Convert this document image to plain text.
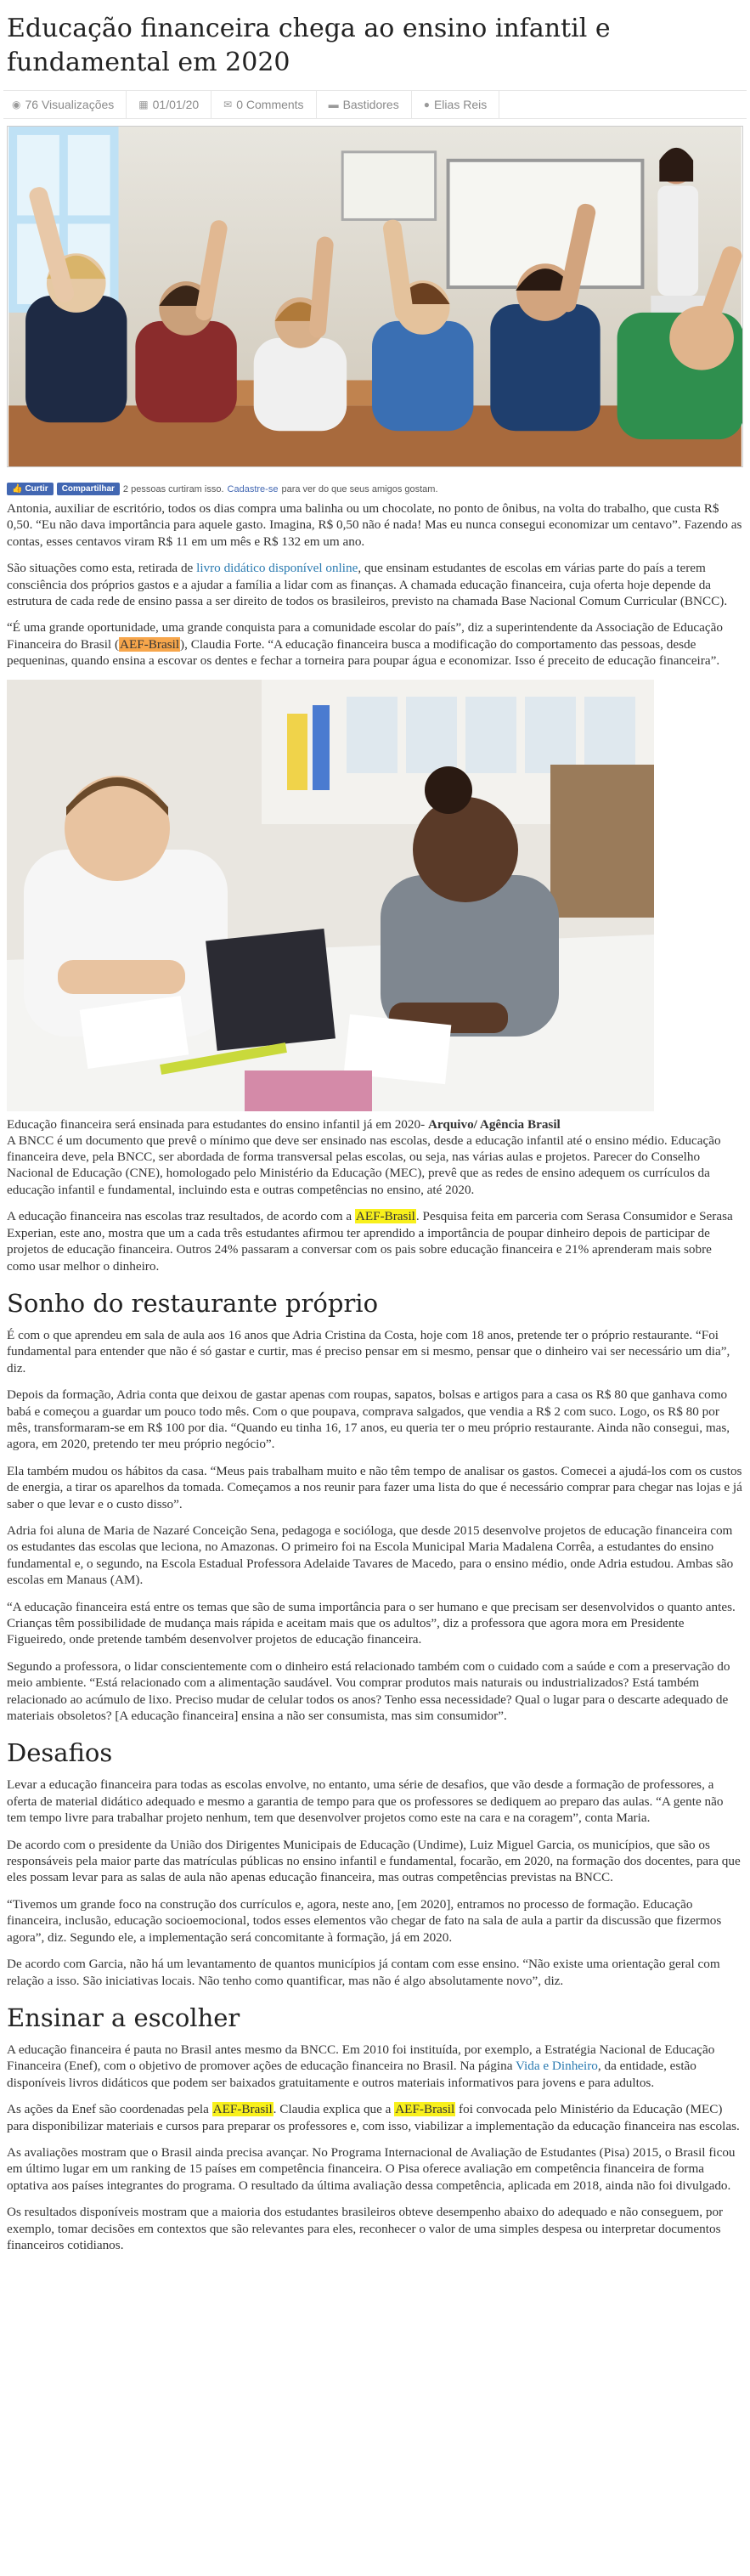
Educação financeira chega ao ensino infantil e fundamental em 2020
◉ 76 Visualizações ▦ 01/01/20 ✉ 0 Comments ▬ Bastidores ● Elias Reis
👍 Curtir Compartilhar 2 pessoas curtiram isso. Cadastre-se para ver do que seus amigos gostam.

Antonia, auxiliar de escritório, todos os dias compra uma balinha ou um chocolate, no ponto de ônibus, na volta do trabalho, que custa R$ 0,50. “Eu não dava importância para aquele gasto. Imagina, R$ 0,50 não é nada! Mas eu nunca consegui economizar um centavo”. Fazendo as contas, esses centavos viram R$ 11 em um mês e R$ 132 em um ano.

São situações como esta, retirada de livro didático disponível online, que ensinam estudantes de escolas em várias parte do país a terem consciência dos próprios gastos e a ajudar a família a lidar com as finanças. A chamada educação financeira, cuja oferta hoje depende da estrutura de cada rede de ensino passa a ser direito de todos os brasileiros, previsto na chamada Base Nacional Comum Curricular (BNCC).

“É uma grande oportunidade, uma grande conquista para a comunidade escolar do país”, diz a superintendente da Associação de Educação Financeira do Brasil (AEF-Brasil), Claudia Forte. “A educação financeira busca a modificação do comportamento das pessoas, desde pequeninas, quando ensina a escovar os dentes e fechar a torneira para poupar água e economizar. Isso é preceito de educação financeira”.

Educação financeira será ensinada para estudantes do ensino infantil já em 2020- Arquivo/ Agência Brasil

A BNCC é um documento que prevê o mínimo que deve ser ensinado nas escolas, desde a educação infantil até o ensino médio. Educação financeira deve, pela BNCC, ser abordada de forma transversal pelas escolas, ou seja, nas várias aulas e projetos. Parecer do Conselho Nacional de Educação (CNE), homologado pelo Ministério da Educação (MEC), prevê que as redes de ensino adequem os currículos da educação infantil e fundamental, incluindo esta e outras competências no ensino, até 2020.

A educação financeira nas escolas traz resultados, de acordo com a AEF-Brasil. Pesquisa feita em parceria com Serasa Consumidor e Serasa Experian, este ano, mostra que um a cada três estudantes afirmou ter aprendido a importância de poupar dinheiro depois de participar de projetos de educação financeira. Outros 24% passaram a conversar com os pais sobre educação financeira e 21% aprenderam mais sobre como usar melhor o dinheiro.

Sonho do restaurante próprio

É com o que aprendeu em sala de aula aos 16 anos que Adria Cristina da Costa, hoje com 18 anos, pretende ter o próprio restaurante. “Foi fundamental para entender que não é só gastar e curtir, mas é preciso pensar em si mesmo, pensar que o dinheiro vai ser necessário um dia”, diz.

Depois da formação, Adria conta que deixou de gastar apenas com roupas, sapatos, bolsas e artigos para a casa os R$ 80 que ganhava como babá e começou a guardar um pouco todo mês. Com o que poupava, comprava salgados, que vendia a R$ 2 com suco. Logo, os R$ 80 por mês, transformaram-se em R$ 100 por dia. “Quando eu tinha 16, 17 anos, eu queria ter o meu próprio restaurante. Ainda não consegui, mas, agora, em 2020, pretendo ter meu próprio negócio”.

Ela também mudou os hábitos da casa. “Meus pais trabalham muito e não têm tempo de analisar os gastos. Comecei a ajudá-los com os custos de energia, a tirar os aparelhos da tomada. Começamos a nos reunir para fazer uma lista do que é necessário comprar para chegar nas lojas e já saber o que levar e o custo disso”.

Adria foi aluna de Maria de Nazaré Conceição Sena, pedagoga e socióloga, que desde 2015 desenvolve projetos de educação financeira com os estudantes das escolas que leciona, no Amazonas. O primeiro foi na Escola Municipal Maria Madalena Corrêa, a estudantes do ensino fundamental e, o segundo, na Escola Estadual Professora Adelaide Tavares de Macedo, para o ensino médio, onde Adria estudou. Ambas são escolas em Manaus (AM).

“A educação financeira está entre os temas que são de suma importância para o ser humano e que precisam ser desenvolvidos o quanto antes. Crianças têm possibilidade de mudança mais rápida e aceitam mais que os adultos”, diz a professora que agora mora em Presidente Figueiredo, onde pretende também desenvolver projetos de educação financeira.

Segundo a professora, o lidar conscientemente com o dinheiro está relacionado também com o cuidado com a saúde e com a preservação do meio ambiente. “Está relacionado com a alimentação saudável. Vou comprar produtos mais naturais ou industrializados? Está também relacionado ao acúmulo de lixo. Preciso mudar de celular todos os anos? Tenho essa necessidade? Qual o lugar para o descarte adequado de materiais obsoletos? [A educação financeira] ensina a não ser consumista, mas sim consumidor”.

Desafios

Levar a educação financeira para todas as escolas envolve, no entanto, uma série de desafios, que vão desde a formação de professores, a oferta de material didático adequado e mesmo a garantia de tempo para que os professores se dediquem ao preparo das aulas. “A gente não tem tempo livre para trabalhar projeto nenhum, tem que desenvolver projetos como este na cara e na coragem”, conta Maria.

De acordo com o presidente da União dos Dirigentes Municipais de Educação (Undime), Luiz Miguel Garcia, os municípios, que são os responsáveis pela maior parte das matrículas públicas no ensino infantil e fundamental, focarão, em 2020, na formação dos docentes, para que eles possam levar para as salas de aula não apenas educação financeira, mas outras competências previstas na BNCC.

“Tivemos um grande foco na construção dos currículos e, agora, neste ano, [em 2020], entramos no processo de formação. Educação financeira, inclusão, educação socioemocional, todos esses elementos vão chegar de fato na sala de aula a partir da discussão que fizermos agora”, diz. Segundo ele, a implementação será concomitante à formação, já em 2020.

De acordo com Garcia, não há um levantamento de quantos municípios já contam com esse ensino. “Não existe uma orientação geral com relação a isso. São iniciativas locais. Não tenho como quantificar, mas não é algo absolutamente novo”, diz.

Ensinar a escolher

A educação financeira é pauta no Brasil antes mesmo da BNCC. Em 2010 foi instituída, por exemplo, a Estratégia Nacional de Educação Financeira (Enef), com o objetivo de promover ações de educação financeira no Brasil. Na página Vida e Dinheiro, da entidade, estão disponíveis livros didáticos que podem ser baixados gratuitamente e outros materiais informativos para jovens e para adultos.

As ações da Enef são coordenadas pela AEF-Brasil. Claudia explica que a AEF-Brasil foi convocada pelo Ministério da Educação (MEC) para disponibilizar materiais e cursos para preparar os professores e, com isso, viabilizar a implementação da educação financeira nas escolas.

As avaliações mostram que o Brasil ainda precisa avançar. No Programa Internacional de Avaliação de Estudantes (Pisa) 2015, o Brasil ficou em último lugar em um ranking de 15 países em competência financeira. O Pisa oferece avaliação em competência financeira de forma optativa aos países integrantes do programa. O resultado da última avaliação dessa competência, aplicada em 2018, ainda não foi divulgado.

Os resultados disponíveis mostram que a maioria dos estudantes brasileiros obteve desempenho abaixo do adequado e não conseguem, por exemplo, tomar decisões em contextos que são relevantes para eles, reconhecer o valor de uma simples despesa ou interpretar documentos financeiros cotidianos.
